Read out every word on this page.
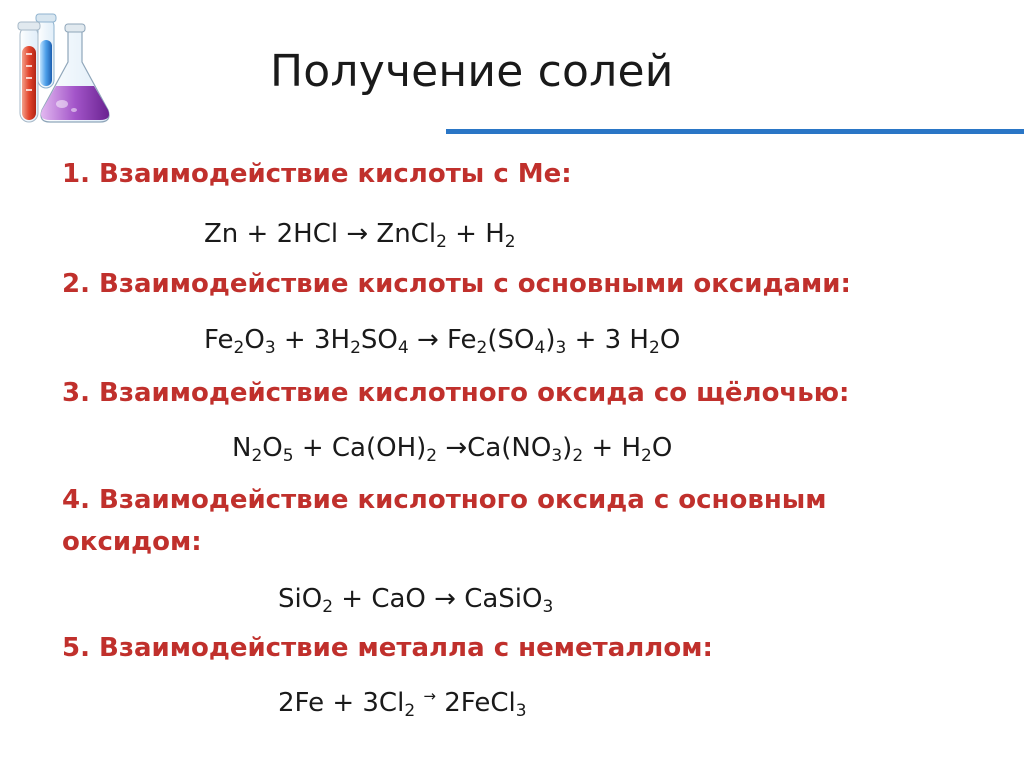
Получение солей

1. Взаимодействие кислоты с Ме:

Zn + 2HCl → ZnCl$_2$ + $H_2$

2. Взаимодействие кислоты с основными оксидами:

$Fe_2O_3 + 3H_2SO_4 \to Fe_2(SO_4)_3 + 3$ $H_2O$

3. Взаимодействие кислотного оксида со щёлочью:

$N_2O_5 + Ca(OH)_2 \to Ca(NO_3)_2 + H_2O$

4. Взаимодействие кислотного оксида с основным оксидом:

SiO$_2$ + CaO → CaSiO$_3$

5. Взаимодействие металла с неметаллом:

$2Fe + 3Cl_2$ → 2FeCl$_3$
